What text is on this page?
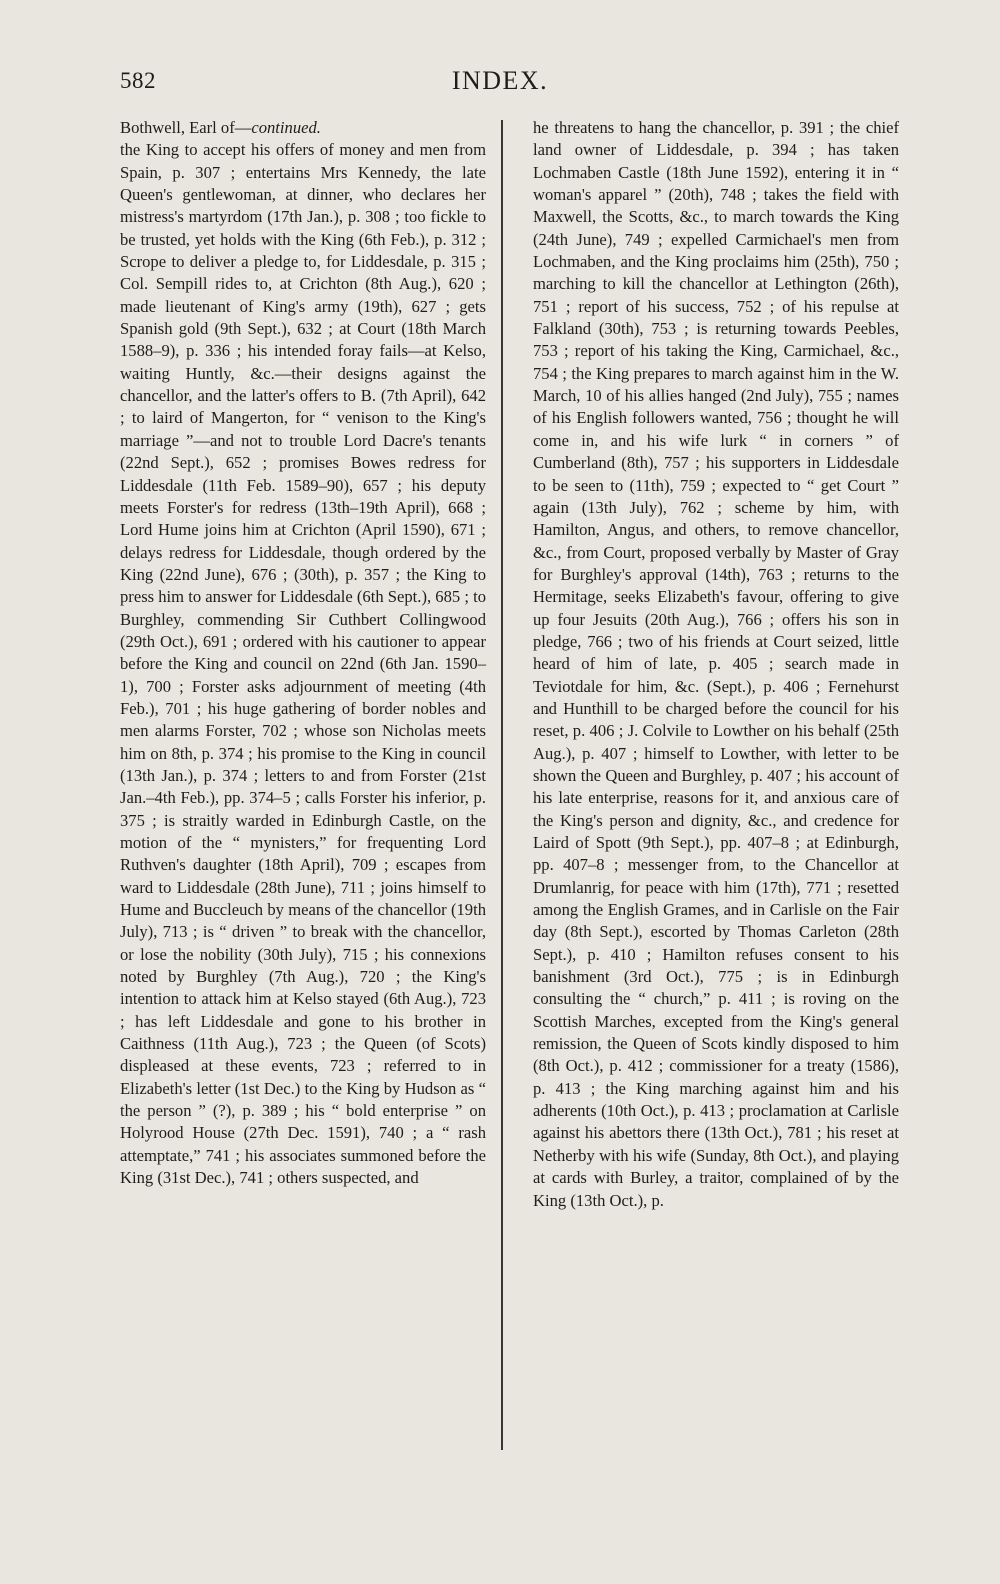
582	INDEX.
Bothwell, Earl of—continued.

the King to accept his offers of money and men from Spain, p. 307 ; entertains Mrs Kennedy, the late Queen's gentlewoman, at dinner, who declares her mistress's martyrdom (17th Jan.), p. 308 ; too fickle to be trusted, yet holds with the King (6th Feb.), p. 312 ; Scrope to deliver a pledge to, for Liddesdale, p. 315 ; Col. Sempill rides to, at Crichton (8th Aug.), 620 ; made lieutenant of King's army (19th), 627 ; gets Spanish gold (9th Sept.), 632 ; at Court (18th March 1588–9), p. 336 ; his intended foray fails—at Kelso, waiting Huntly, &c.—their designs against the chancellor, and the latter's offers to B. (7th April), 642 ; to laird of Mangerton, for “ venison to the King's marriage ”—and not to trouble Lord Dacre's tenants (22nd Sept.), 652 ; promises Bowes redress for Liddesdale (11th Feb. 1589–90), 657 ; his deputy meets Forster's for redress (13th–19th April), 668 ; Lord Hume joins him at Crichton (April 1590), 671 ; delays redress for Liddesdale, though ordered by the King (22nd June), 676 ; (30th), p. 357 ; the King to press him to answer for Liddesdale (6th Sept.), 685 ; to Burghley, commending Sir Cuthbert Collingwood (29th Oct.), 691 ; ordered with his cautioner to appear before the King and council on 22nd (6th Jan. 1590–1), 700 ; Forster asks adjournment of meeting (4th Feb.), 701 ; his huge gathering of border nobles and men alarms Forster, 702 ; whose son Nicholas meets him on 8th, p. 374 ; his promise to the King in council (13th Jan.), p. 374 ; letters to and from Forster (21st Jan.–4th Feb.), pp. 374–5 ; calls Forster his inferior, p. 375 ; is straitly warded in Edinburgh Castle, on the motion of the “ mynisters,” for frequenting Lord Ruthven's daughter (18th April), 709 ; escapes from ward to Liddesdale (28th June), 711 ; joins himself to Hume and Buccleuch by means of the chancellor (19th July), 713 ; is “ driven ” to break with the chancellor, or lose the nobility (30th July), 715 ; his connexions noted by Burghley (7th Aug.), 720 ; the King's intention to attack him at Kelso stayed (6th Aug.), 723 ; has left Liddesdale and gone to his brother in Caithness (11th Aug.), 723 ; the Queen (of Scots) displeased at these events, 723 ; referred to in Elizabeth's letter (1st Dec.) to the King by Hudson as “ the person ” (?), p. 389 ; his “ bold enterprise ” on Holyrood House (27th Dec. 1591), 740 ; a “ rash attemptate,” 741 ; his associates summoned before the King (31st Dec.), 741 ; others suspected, and

he threatens to hang the chancellor, p. 391 ; the chief land owner of Liddesdale, p. 394 ; has taken Lochmaben Castle (18th June 1592), entering it in “ woman's apparel ” (20th), 748 ; takes the field with Maxwell, the Scotts, &c., to march towards the King (24th June), 749 ; expelled Carmichael's men from Lochmaben, and the King proclaims him (25th), 750 ; marching to kill the chancellor at Lethington (26th), 751 ; report of his success, 752 ; of his repulse at Falkland (30th), 753 ; is returning towards Peebles, 753 ; report of his taking the King, Carmichael, &c., 754 ; the King prepares to march against him in the W. March, 10 of his allies hanged (2nd July), 755 ; names of his English followers wanted, 756 ; thought he will come in, and his wife lurk “ in corners ” of Cumberland (8th), 757 ; his supporters in Liddesdale to be seen to (11th), 759 ; expected to “ get Court ” again (13th July), 762 ; scheme by him, with Hamilton, Angus, and others, to remove chancellor, &c., from Court, proposed verbally by Master of Gray for Burghley's approval (14th), 763 ; returns to the Hermitage, seeks Elizabeth's favour, offering to give up four Jesuits (20th Aug.), 766 ; offers his son in pledge, 766 ; two of his friends at Court seized, little heard of him of late, p. 405 ; search made in Teviotdale for him, &c. (Sept.), p. 406 ; Fernehurst and Hunthill to be charged before the council for his reset, p. 406 ; J. Colvile to Lowther on his behalf (25th Aug.), p. 407 ; himself to Lowther, with letter to be shown the Queen and Burghley, p. 407 ; his account of his late enterprise, reasons for it, and anxious care of the King's person and dignity, &c., and credence for Laird of Spott (9th Sept.), pp. 407–8 ; at Edinburgh, pp. 407–8 ; messenger from, to the Chancellor at Drumlanrig, for peace with him (17th), 771 ; resetted among the English Grames, and in Carlisle on the Fair day (8th Sept.), escorted by Thomas Carleton (28th Sept.), p. 410 ; Hamilton refuses consent to his banishment (3rd Oct.), 775 ; is in Edinburgh consulting the “ church,” p. 411 ; is roving on the Scottish Marches, excepted from the King's general remission, the Queen of Scots kindly disposed to him (8th Oct.), p. 412 ; commissioner for a treaty (1586), p. 413 ; the King marching against him and his adherents (10th Oct.), p. 413 ; proclamation at Carlisle against his abettors there (13th Oct.), 781 ; his reset at Netherby with his wife (Sunday, 8th Oct.), and playing at cards with Burley, a traitor, complained of by the King (13th Oct.), p.
